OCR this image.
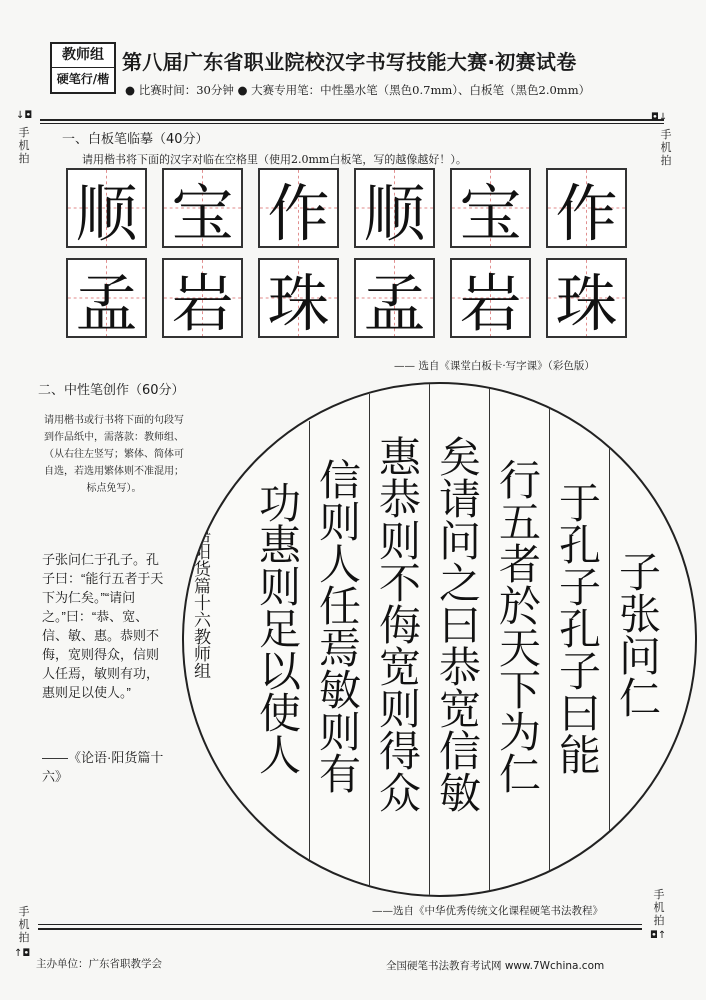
教师组
硬笔行/楷
第八届广东省职业院校汉字书写技能大赛·初赛试卷
● 比赛时间：30分钟 ● 大赛专用笔：中性墨水笔（黑色0.7mm）、白板笔（黑色2.0mm）
↓◘
手机拍
◘↓
手机拍
一、白板笔临摹（40分）
请用楷书将下面的汉字对临在空格里（使用2.0mm白板笔，写的越像越好！）。
顺 宝 作 顺 宝 作
孟 岩 珠 孟 岩 珠
—— 选自《课堂白板卡·写字课》（彩色版）
二、中性笔创作（60分）
请用楷书或行书将下面的句段写到作品纸中，需落款：教师组、（从右往左竖写；繁体、简体可自选，若选用繁体则不准混用；标点免写）。
子张问仁于孔子。孔子曰：“能行五者于天下为仁矣。”“请问之。”曰：“恭、宽、信、敏、惠。恭则不侮，宽则得众，信则人任焉，敏则有功，惠则足以使人。”
——《论语·阳货篇十六》
子张问仁
于孔子孔子曰能
行五者於天下为仁
矣请问之曰恭宽信敏
惠恭则不侮宽则得众
信则人任焉敏则有
功惠则足以使人
论语阳货篇十六教师组
——选自《中华优秀传统文化课程硬笔书法教程》
手机拍
↑◘
手机拍
◘↑
主办单位：广东省职教学会	全国硬笔书法教育考试网 www.7Wchina.com
